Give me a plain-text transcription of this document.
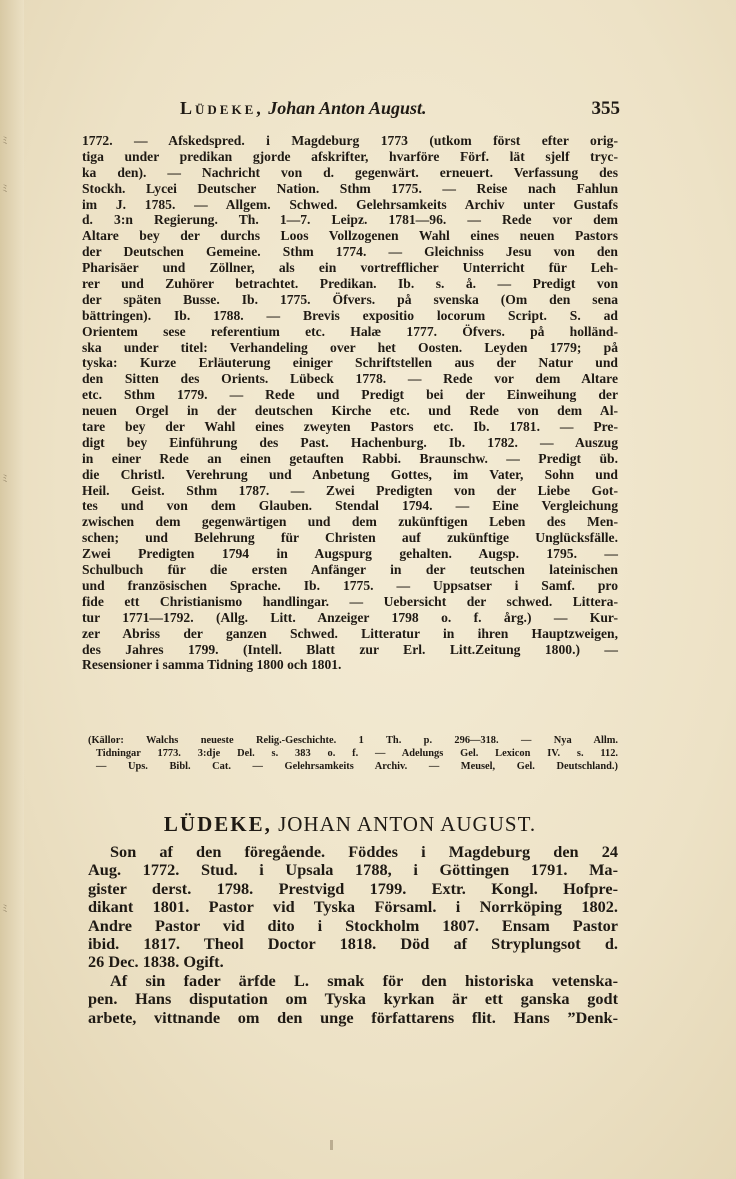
ﾐ
ﾐ
ﾐ
ﾐ
Lüdeke, Johan Anton August.	355
1772. — Afskedspred. i Magdeburg 1773 (utkom först efter orig-
tiga under predikan gjorde afskrifter, hvarföre Förf. lät sjelf tryc-
ka den). — Nachricht von d. gegenwärt. erneuert. Verfassung des
Stockh. Lycei Deutscher Nation. Sthm 1775. — Reise nach Fahlun
im J. 1785. — Allgem. Schwed. Gelehrsamkeits Archiv unter Gustafs
d. 3:n Regierung. Th. 1—7. Leipz. 1781—96. — Rede vor dem
Altare bey der durchs Loos Vollzogenen Wahl eines neuen Pastors
der Deutschen Gemeine. Sthm 1774. — Gleichniss Jesu von den
Pharisäer und Zöllner, als ein vortrefflicher Unterricht für Leh-
rer und Zuhörer betrachtet. Predikan. Ib. s. å. — Predigt von
der späten Busse. Ib. 1775. Öfvers. på svenska (Om den sena
bättringen). Ib. 1788. — Brevis expositio locorum Script. S. ad
Orientem sese referentium etc. Halæ 1777. Öfvers. på holländ-
ska under titel: Verhandeling over het Oosten. Leyden 1779; på
tyska: Kurze Erläuterung einiger Schriftstellen aus der Natur und
den Sitten des Orients. Lübeck 1778. — Rede vor dem Altare
etc. Sthm 1779. — Rede und Predigt bei der Einweihung der
neuen Orgel in der deutschen Kirche etc. und Rede von dem Al-
tare bey der Wahl eines zweyten Pastors etc. Ib. 1781. — Pre-
digt bey Einführung des Past. Hachenburg. Ib. 1782. — Auszug
in einer Rede an einen getauften Rabbi. Braunschw. — Predigt üb.
die Christl. Verehrung und Anbetung Gottes, im Vater, Sohn und
Heil. Geist. Sthm 1787. — Zwei Predigten von der Liebe Got-
tes und von dem Glauben. Stendal 1794. — Eine Vergleichung
zwischen dem gegenwärtigen und dem zukünftigen Leben des Men-
schen; und Belehrung für Christen auf zukünftige Unglücksfälle.
Zwei Predigten 1794 in Augspurg gehalten. Augsp. 1795. —
Schulbuch für die ersten Anfänger in der teutschen lateinischen
und französischen Sprache. Ib. 1775. — Uppsatser i Samf. pro
fide ett Christianismo handlingar. — Uebersicht der schwed. Littera-
tur 1771—1792. (Allg. Litt. Anzeiger 1798 o. f. årg.) — Kur-
zer Abriss der ganzen Schwed. Litteratur in ihren Hauptzweigen,
des Jahres 1799. (Intell. Blatt zur Erl. Litt.Zeitung 1800.) —
Resensioner i samma Tidning 1800 och 1801.
(Källor: Walchs neueste Relig.-Geschichte. 1 Th. p. 296—318. — Nya Allm.
Tidningar 1773. 3:dje Del. s. 383 o. f. — Adelungs Gel. Lexicon IV. s. 112.
— Ups. Bibl. Cat. — Gelehrsamkeits Archiv. — Meusel, Gel. Deutschland.)
LÜDEKE, JOHAN ANTON AUGUST.
Son af den föregående. Föddes i Magdeburg den 24
Aug. 1772. Stud. i Upsala 1788, i Göttingen 1791. Ma-
gister derst. 1798. Prestvigd 1799. Extr. Kongl. Hofpre-
dikant 1801. Pastor vid Tyska Församl. i Norrköping 1802.
Andre Pastor vid dito i Stockholm 1807. Ensam Pastor
ibid. 1817. Theol Doctor 1818. Död af Stryplungsot d.
26 Dec. 1838. Ogift.
Af sin fader ärfde L. smak för den historiska vetenska-
pen. Hans disputation om Tyska kyrkan är ett ganska godt
arbete, vittnande om den unge författarens flit. Hans ”Denk-
